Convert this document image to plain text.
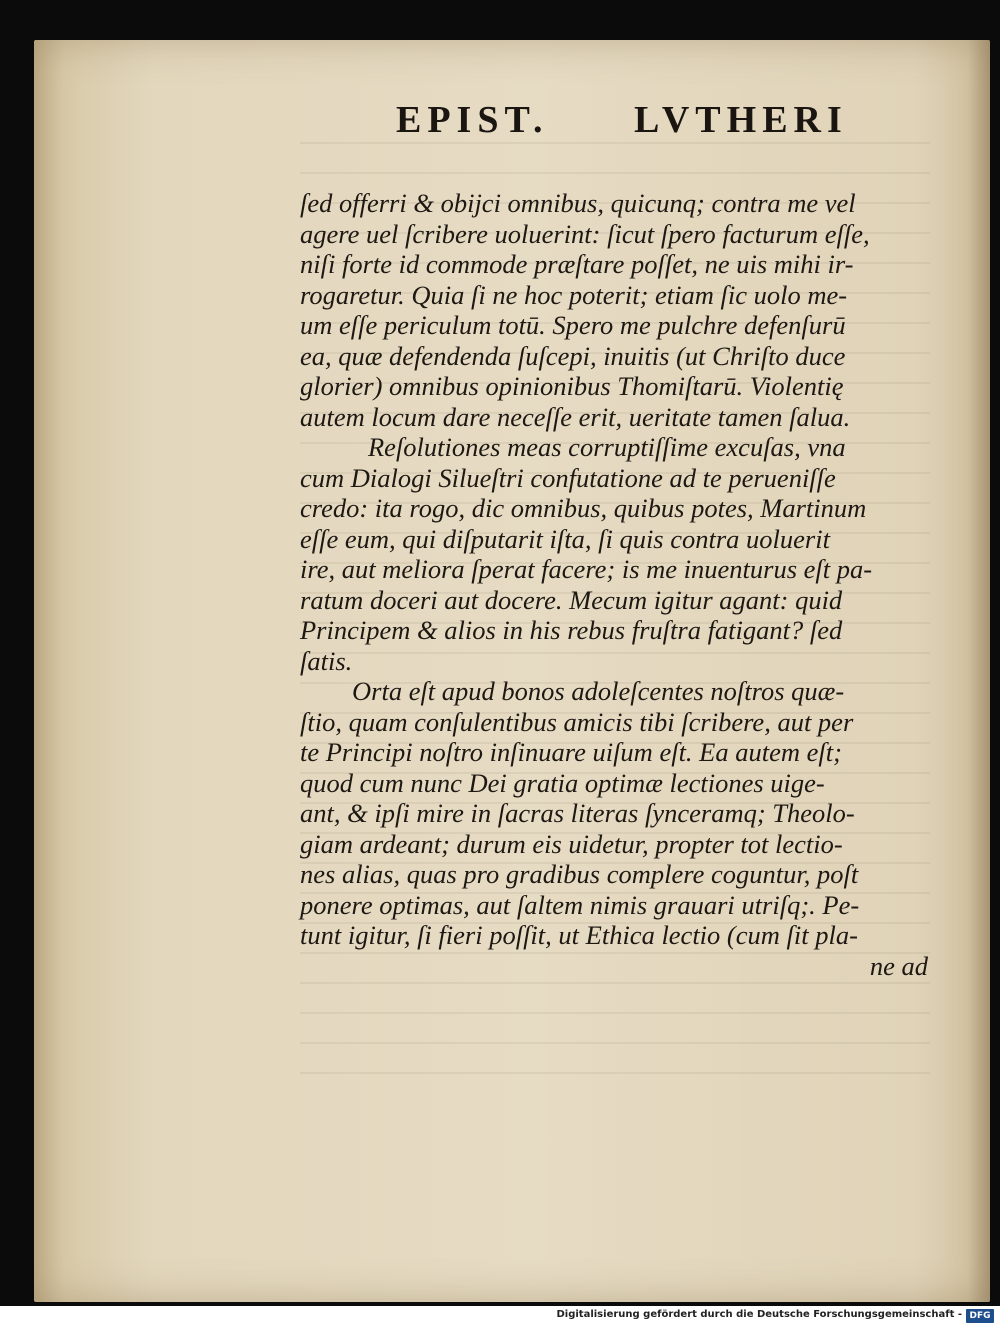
EPIST. LVTHERI
ſed offerri & obijci omnibus, quicunq; contra me vel
agere uel ſcribere uoluerint: ſicut ſpero facturum eſſe,
niſi forte id commode præſtare poſſet, ne uis mihi ir-
rogaretur. Quia ſi ne hoc poterit; etiam ſic uolo me-
um eſſe periculum totū. Spero me pulchre defenſurū
ea, quæ defendenda ſuſcepi, inuitis (ut Chriſto duce
glorier) omnibus opinionibus Thomiſtarū. Violentię
autem locum dare neceſſe erit, ueritate tamen ſalua.
Reſolutiones meas corruptiſſime excuſas, vna
cum Dialogi Silueſtri confutatione ad te perueniſſe
credo: ita rogo, dic omnibus, quibus potes, Martinum
eſſe eum, qui diſputarit iſta, ſi quis contra uoluerit
ire, aut meliora ſperat facere; is me inuenturus eſt pa-
ratum doceri aut docere. Mecum igitur agant: quid
Principem & alios in his rebus fruſtra fatigant? ſed
ſatis.
Orta eſt apud bonos adoleſcentes noſtros quæ-
ſtio, quam conſulentibus amicis tibi ſcribere, aut per
te Principi noſtro inſinuare uiſum eſt. Ea autem eſt;
quod cum nunc Dei gratia optimæ lectiones uige-
ant, & ipſi mire in ſacras literas ſynceramq; Theolo-
giam ardeant; durum eis uidetur, propter tot lectio-
nes alias, quas pro gradibus complere coguntur, poſt
ponere optimas, aut ſaltem nimis grauari utriſq;. Pe-
tunt igitur, ſi fieri poſſit, ut Ethica lectio (cum ſit pla-
ne ad
Digitalisierung gefördert durch die Deutsche Forschungsgemeinschaft - DFG
